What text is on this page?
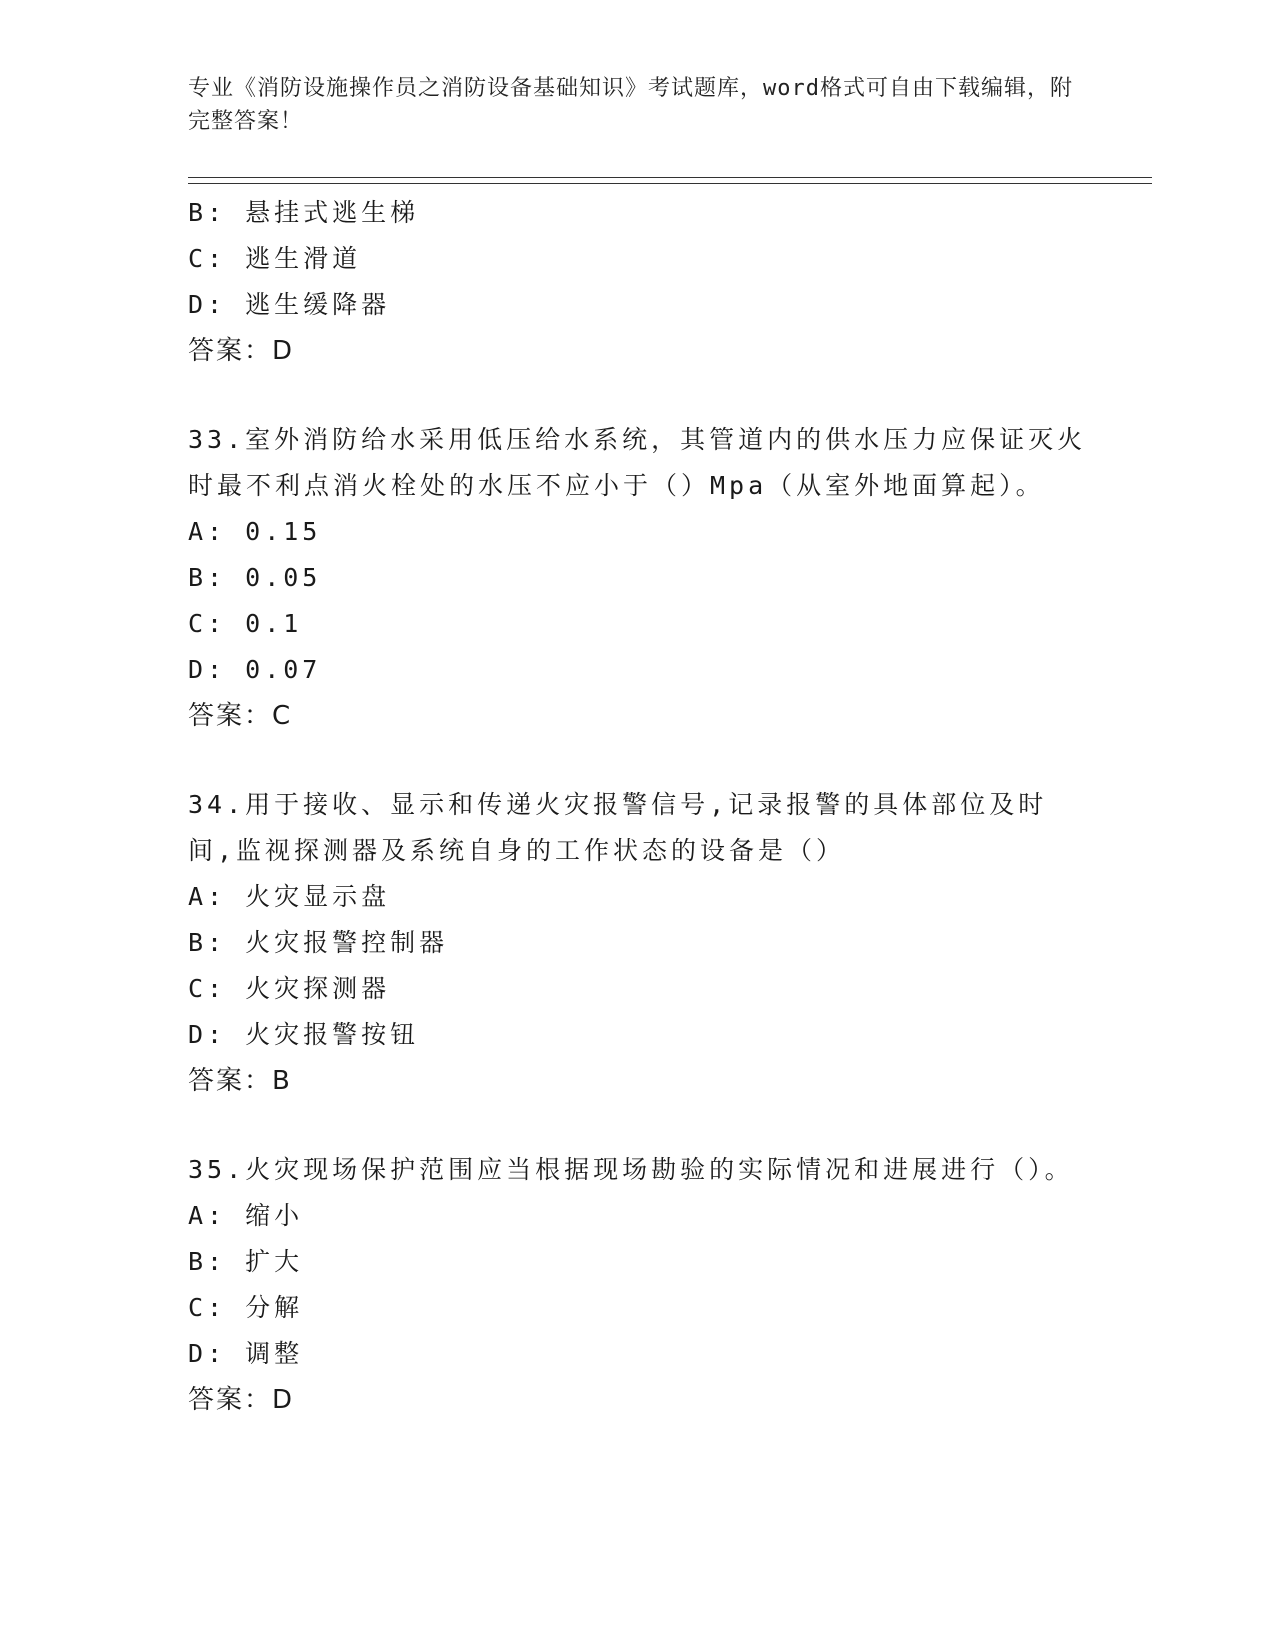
专业《消防设施操作员之消防设备基础知识》考试题库，word格式可自由下载编辑，附完整答案！
B: 悬挂式逃生梯
C: 逃生滑道
D: 逃生缓降器
答案：D
33.室外消防给水采用低压给水系统，其管道内的供水压力应保证灭火时最不利点消火栓处的水压不应小于（）Mpa（从室外地面算起）。
A: 0.15
B: 0.05
C: 0.1
D: 0.07
答案：C
34.用于接收、显示和传递火灾报警信号,记录报警的具体部位及时间,监视探测器及系统自身的工作状态的设备是（）
A: 火灾显示盘
B: 火灾报警控制器
C: 火灾探测器
D: 火灾报警按钮
答案：B
35.火灾现场保护范围应当根据现场勘验的实际情况和进展进行（）。
A: 缩小
B: 扩大
C: 分解
D: 调整
答案：D
